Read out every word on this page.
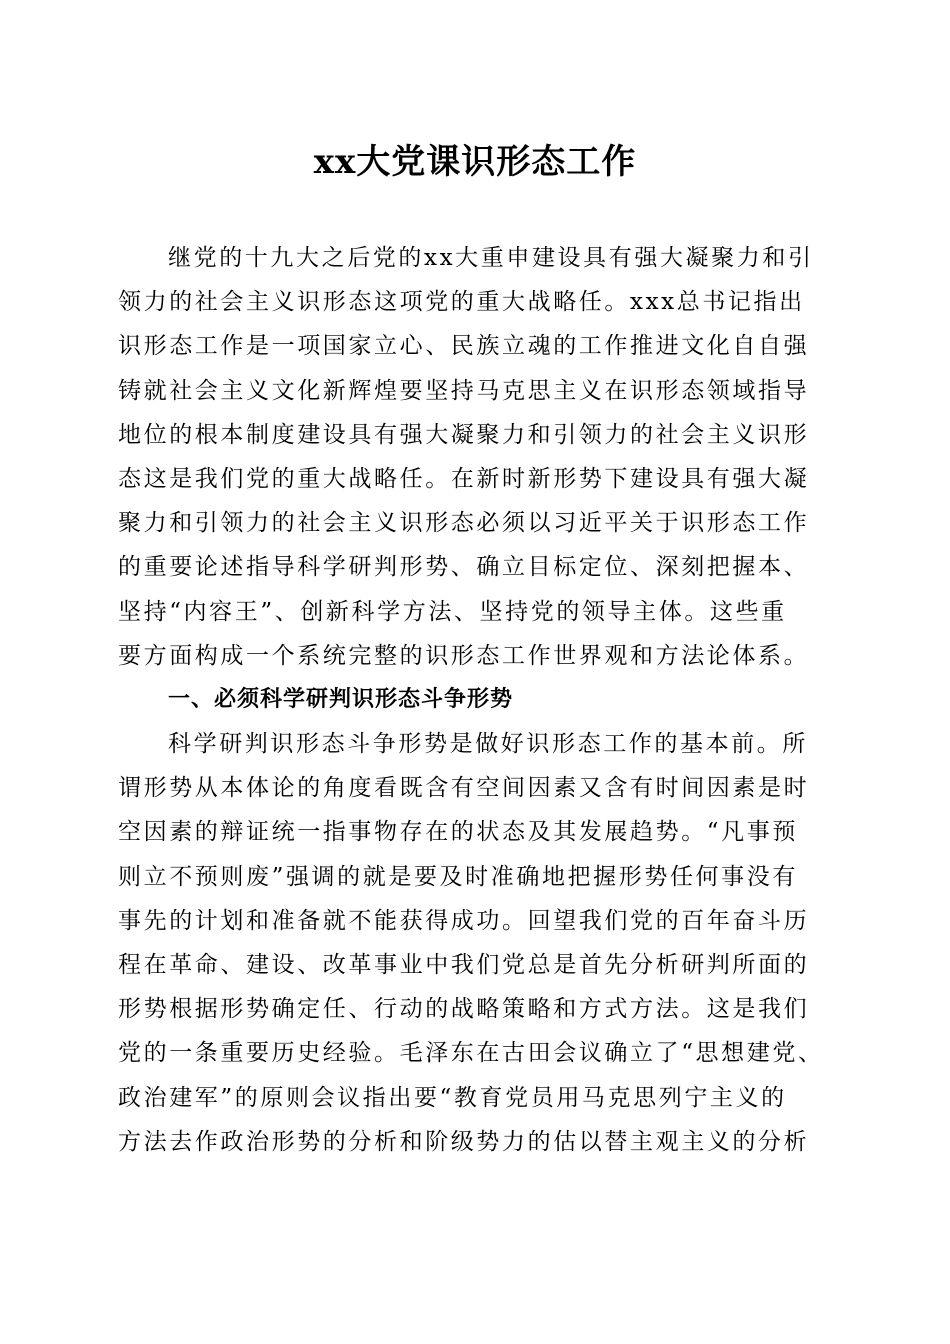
xx大党课识形态工作
继党的十九大之后党的xx大重申建设具有强大凝聚力和引
领力的社会主义识形态这项党的重大战略任。xxx总书记指出
识形态工作是一项国家立心、民族立魂的工作推进文化自自强
铸就社会主义文化新辉煌要坚持马克思主义在识形态领域指导
地位的根本制度建设具有强大凝聚力和引领力的社会主义识形
态这是我们党的重大战略任。在新时新形势下建设具有强大凝
聚力和引领力的社会主义识形态必须以习近平关于识形态工作
的重要论述指导科学研判形势、确立目标定位、深刻把握本、
坚持“内容王”、创新科学方法、坚持党的领导主体。这些重
要方面构成一个系统完整的识形态工作世界观和方法论体系。
一、必须科学研判识形态斗争形势
科学研判识形态斗争形势是做好识形态工作的基本前。所
谓形势从本体论的角度看既含有空间因素又含有时间因素是时
空因素的辩证统一指事物存在的状态及其发展趋势。“凡事预
则立不预则废”强调的就是要及时准确地把握形势任何事没有
事先的计划和准备就不能获得成功。回望我们党的百年奋斗历
程在革命、建设、改革事业中我们党总是首先分析研判所面的
形势根据形势确定任、行动的战略策略和方式方法。这是我们
党的一条重要历史经验。毛泽东在古田会议确立了“思想建党、
政治建军”的原则会议指出要“教育党员用马克思列宁主义的
方法去作政治形势的分析和阶级势力的估以替主观主义的分析
